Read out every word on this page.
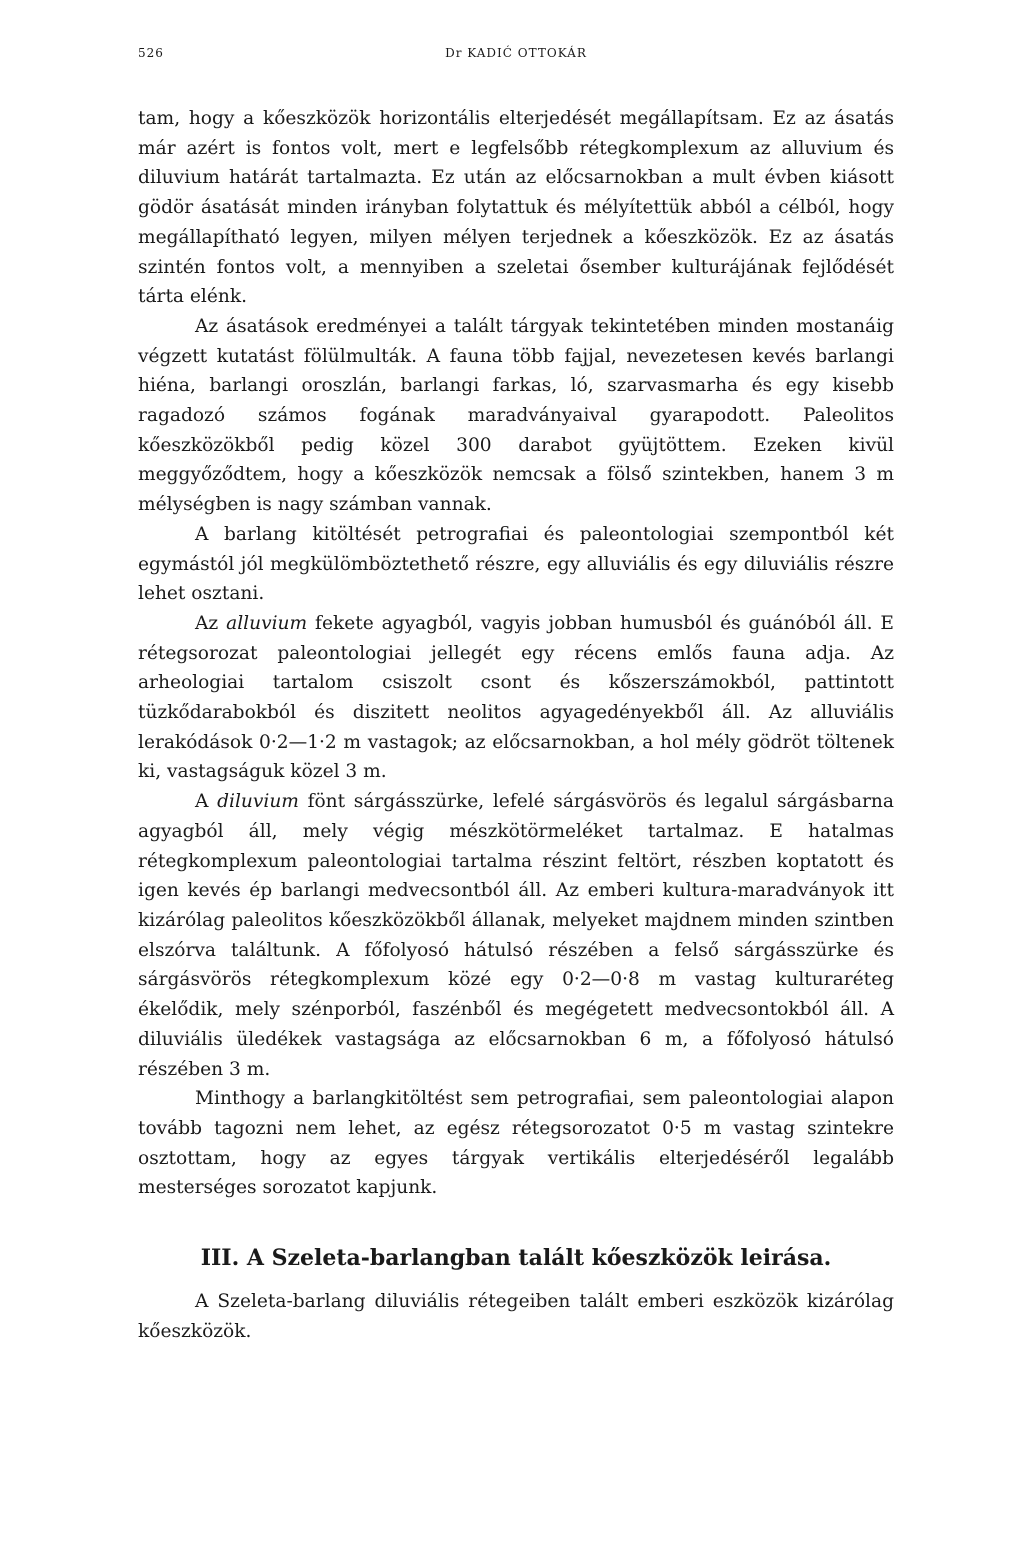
526	Dr KADIĆ OTTOKÁR

tam, hogy a kőeszközök horizontális elterjedését megállapítsam. Ez az ásatás már azért is fontos volt, mert e legfelsőbb rétegkomplexum az alluvium és diluvium határát tartalmazta. Ez után az előcsarnokban a mult évben kiásott gödör ásatását minden irányban folytattuk és mélyítettük abból a célból, hogy megállapítható legyen, milyen mélyen terjednek a kőeszközök. Ez az ásatás szintén fontos volt, a mennyiben a szeletai ősember kulturájának fejlődését tárta elénk.

Az ásatások eredményei a talált tárgyak tekintetében minden mostanáig végzett kutatást fölülmulták. A fauna több fajjal, nevezetesen kevés barlangi hiéna, barlangi oroszlán, barlangi farkas, ló, szarvasmarha és egy kisebb ragadozó számos fogának maradványaival gyarapodott. Paleolitos kőeszközökből pedig közel 300 darabot gyüjtöttem. Ezeken kivül meggyőződtem, hogy a kőeszközök nemcsak a fölső szintekben, hanem 3 m mélységben is nagy számban vannak.

A barlang kitöltését petrografiai és paleontologiai szempontból két egymástól jól megkülömböztethető részre, egy alluviális és egy diluviális részre lehet osztani.

Az alluvium fekete agyagból, vagyis jobban humusból és guánóból áll. E rétegsorozat paleontologiai jellegét egy récens emlős fauna adja. Az arheologiai tartalom csiszolt csont és kőszerszámokból, pattintott tüzkődarabokból és diszitett neolitos agyagedényekből áll. Az alluviális lerakódások 0·2—1·2 m vastagok; az előcsarnokban, a hol mély gödröt töltenek ki, vastagságuk közel 3 m.

A diluvium fönt sárgásszürke, lefelé sárgásvörös és legalul sárgásbarna agyagból áll, mely végig mészkötörmeléket tartalmaz. E hatalmas rétegkomplexum paleontologiai tartalma részint feltört, részben koptatott és igen kevés ép barlangi medvecsontból áll. Az emberi kultura-maradványok itt kizárólag paleolitos kőeszközökből állanak, melyeket majdnem minden szintben elszórva találtunk. A főfolyosó hátulsó részében a felső sárgásszürke és sárgásvörös rétegkomplexum közé egy 0·2—0·8 m vastag kulturaréteg ékelődik, mely szénporból, faszénből és megégetett medvecsontokból áll. A diluviális üledékek vastagsága az előcsarnokban 6 m, a főfolyosó hátulsó részében 3 m.

Minthogy a barlangkitöltést sem petrografiai, sem paleontologiai alapon tovább tagozni nem lehet, az egész rétegsorozatot 0·5 m vastag szintekre osztottam, hogy az egyes tárgyak vertikális elterjedéséről legalább mesterséges sorozatot kapjunk.

III. A Szeleta-barlangban talált kőeszközök leirása.

A Szeleta-barlang diluviális rétegeiben talált emberi eszközök kizárólag kőeszközök.
